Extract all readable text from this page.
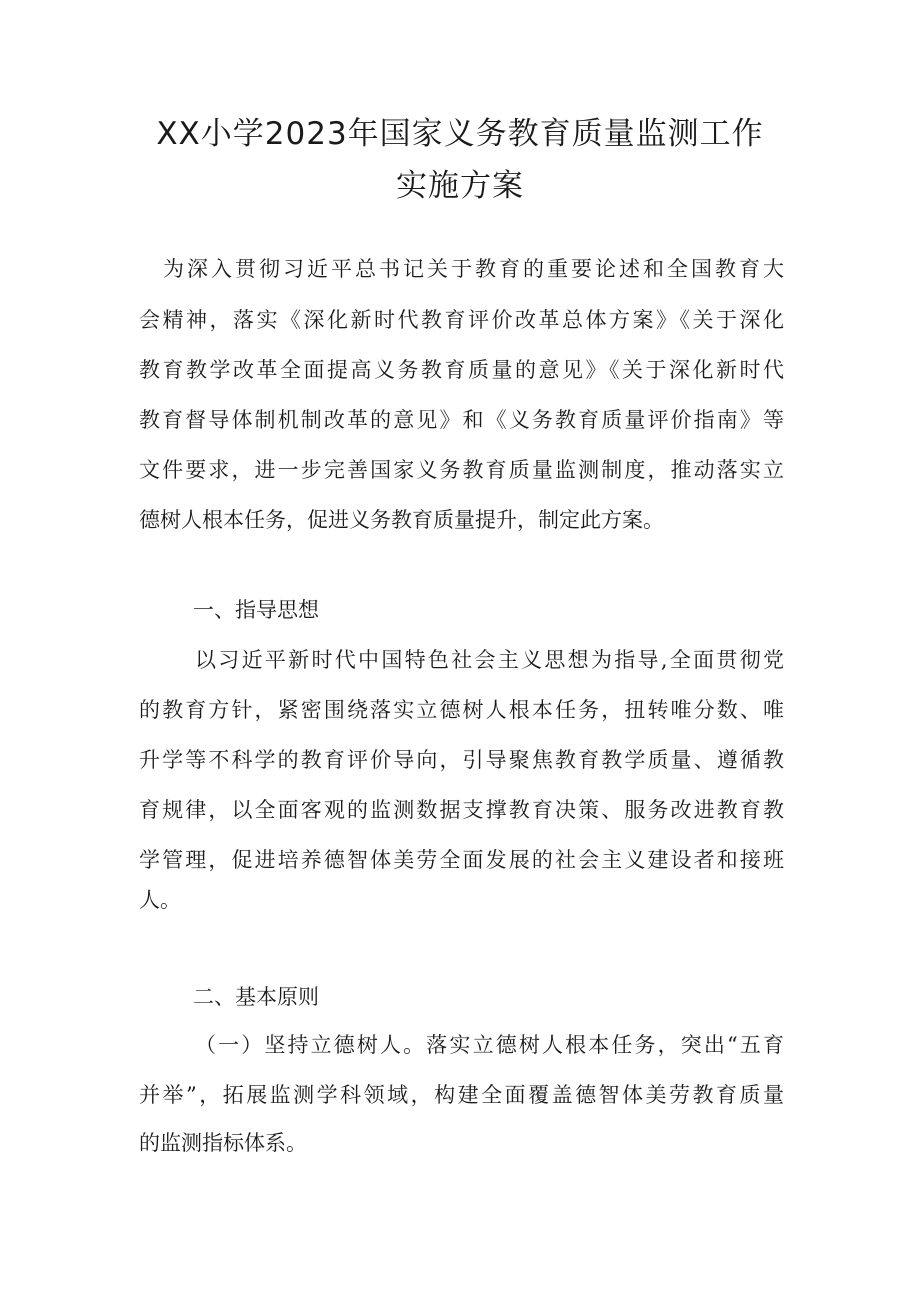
XX小学2023年国家义务教育质量监测工作
实施方案
为深入贯彻习近平总书记关于教育的重要论述和全国教育大
会精神，落实《深化新时代教育评价改革总体方案》《关于深化
教育教学改革全面提高义务教育质量的意见》《关于深化新时代
教育督导体制机制改革的意见》和《义务教育质量评价指南》等
文件要求，进一步完善国家义务教育质量监测制度，推动落实立
德树人根本任务，促进义务教育质量提升，制定此方案。
一、指导思想
以习近平新时代中国特色社会主义思想为指导,全面贯彻党
的教育方针，紧密围绕落实立德树人根本任务，扭转唯分数、唯
升学等不科学的教育评价导向，引导聚焦教育教学质量、遵循教
育规律，以全面客观的监测数据支撑教育决策、服务改进教育教
学管理，促进培养德智体美劳全面发展的社会主义建设者和接班
人。
二、基本原则
（一）坚持立德树人。落实立德树人根本任务，突出“五育
并举”，拓展监测学科领域，构建全面覆盖德智体美劳教育质量
的监测指标体系。
